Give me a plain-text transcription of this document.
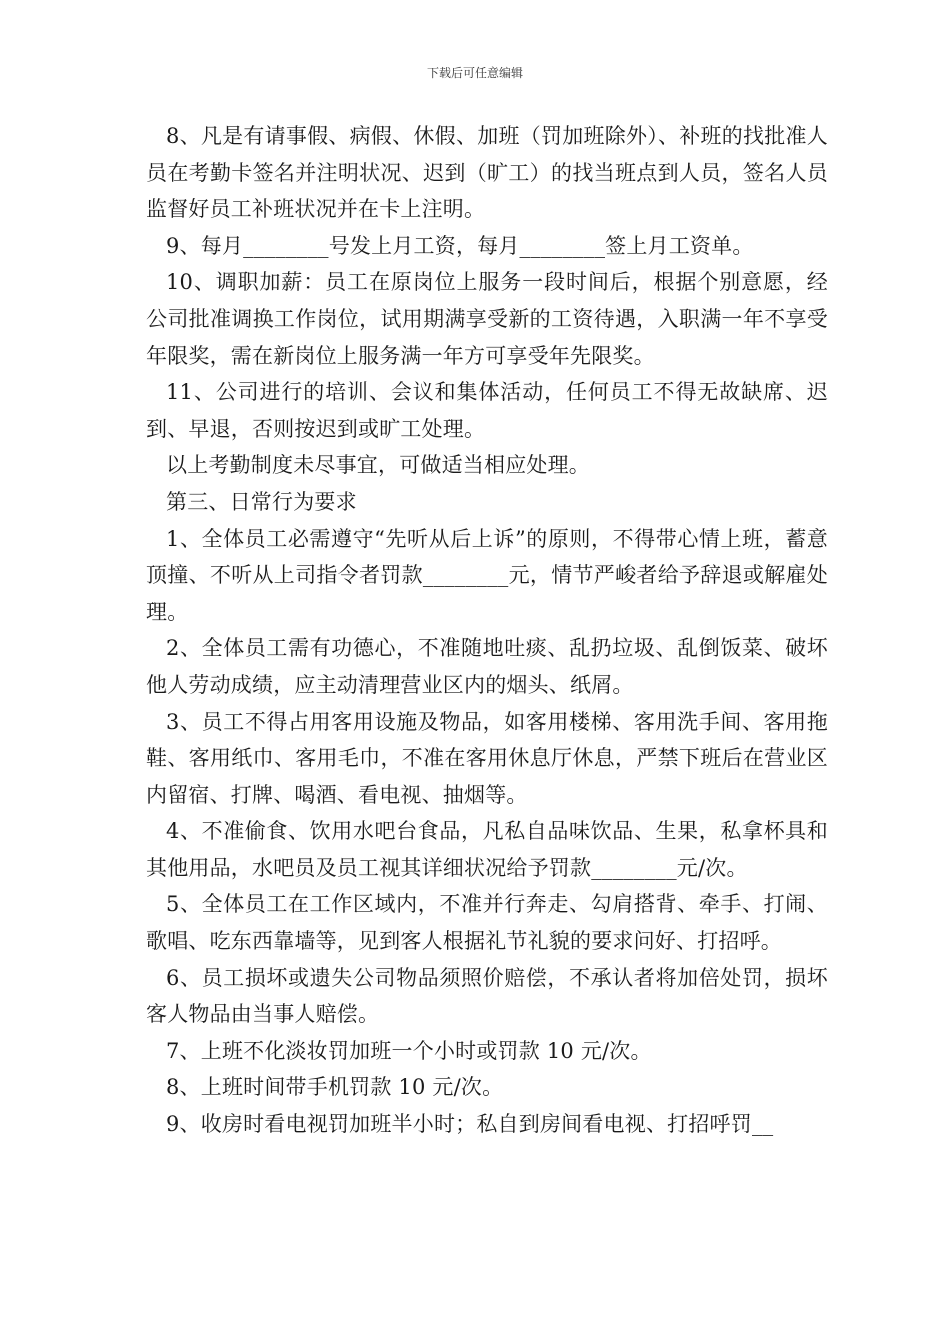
下载后可任意编辑

8、凡是有请事假、病假、休假、加班（罚加班除外）、补班的找批准人员在考勤卡签名并注明状况、迟到（旷工）的找当班点到人员，签名人员监督好员工补班状况并在卡上注明。

9、每月________号发上月工资，每月________签上月工资单。

10、调职加薪：员工在原岗位上服务一段时间后，根据个别意愿，经公司批准调换工作岗位，试用期满享受新的工资待遇，入职满一年不享受年限奖，需在新岗位上服务满一年方可享受年先限奖。

11、公司进行的培训、会议和集体活动，任何员工不得无故缺席、迟到、早退，否则按迟到或旷工处理。

以上考勤制度未尽事宜，可做适当相应处理。

第三、日常行为要求

1、全体员工必需遵守“先听从后上诉”的原则，不得带心情上班，蓄意顶撞、不听从上司指令者罚款________元，情节严峻者给予辞退或解雇处理。

2、全体员工需有功德心，不准随地吐痰、乱扔垃圾、乱倒饭菜、破坏他人劳动成绩，应主动清理营业区内的烟头、纸屑。

3、员工不得占用客用设施及物品，如客用楼梯、客用洗手间、客用拖鞋、客用纸巾、客用毛巾，不准在客用休息厅休息，严禁下班后在营业区内留宿、打牌、喝酒、看电视、抽烟等。

4、不准偷食、饮用水吧台食品，凡私自品味饮品、生果，私拿杯具和其他用品，水吧员及员工视其详细状况给予罚款________元/次。

5、全体员工在工作区域内，不准并行奔走、勾肩搭背、牵手、打闹、歌唱、吃东西靠墙等，见到客人根据礼节礼貌的要求问好、打招呼。

6、员工损坏或遗失公司物品须照价赔偿，不承认者将加倍处罚，损坏客人物品由当事人赔偿。

7、上班不化淡妆罚加班一个小时或罚款 10 元/次。

8、上班时间带手机罚款 10 元/次。

9、收房时看电视罚加班半小时；私自到房间看电视、打招呼罚__
